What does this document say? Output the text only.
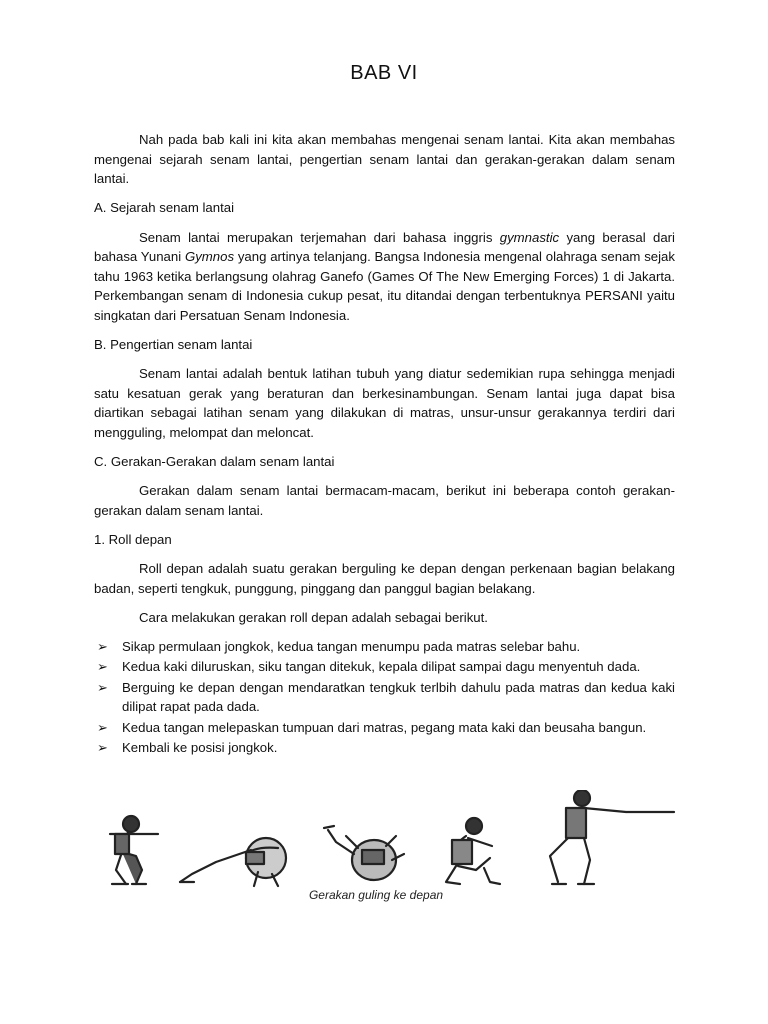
BAB VI

Nah pada bab kali ini kita akan membahas mengenai senam lantai. Kita akan membahas mengenai sejarah senam lantai, pengertian senam lantai dan gerakan-gerakan dalam senam lantai.

A. Sejarah senam lantai

Senam lantai merupakan terjemahan dari bahasa inggris gymnastic yang berasal dari bahasa Yunani Gymnos yang artinya telanjang. Bangsa Indonesia mengenal olahraga senam sejak tahu 1963 ketika berlangsung olahrag Ganefo (Games Of The New Emerging Forces) 1 di Jakarta. Perkembangan senam di Indonesia cukup pesat, itu ditandai dengan terbentuknya PERSANI yaitu singkatan dari Persatuan Senam Indonesia.

B. Pengertian senam lantai

Senam lantai adalah bentuk latihan tubuh yang diatur sedemikian rupa sehingga menjadi satu kesatuan gerak yang beraturan dan berkesinambungan. Senam lantai juga dapat bisa diartikan sebagai latihan senam yang dilakukan di matras, unsur-unsur gerakannya terdiri dari mengguling, melompat dan meloncat.

C. Gerakan-Gerakan dalam senam lantai

Gerakan dalam senam lantai bermacam-macam, berikut ini beberapa contoh gerakan-gerakan dalam senam lantai.

1. Roll depan

Roll depan adalah suatu gerakan berguling ke depan dengan perkenaan bagian belakang badan, seperti tengkuk, punggung, pinggang dan panggul bagian belakang.

Cara melakukan gerakan roll depan adalah sebagai berikut.

➢	Sikap permulaan jongkok, kedua tangan menumpu pada matras selebar bahu.
➢	Kedua kaki diluruskan, siku tangan ditekuk, kepala dilipat sampai dagu menyentuh dada.
➢	Berguing ke depan dengan mendaratkan tengkuk terlbih dahulu pada matras dan kedua kaki dilipat rapat pada dada.
➢	Kedua tangan melepaskan tumpuan dari matras, pegang mata kaki dan beusaha bangun.
➢	Kembali ke posisi jongkok.
Gerakan guling ke depan
